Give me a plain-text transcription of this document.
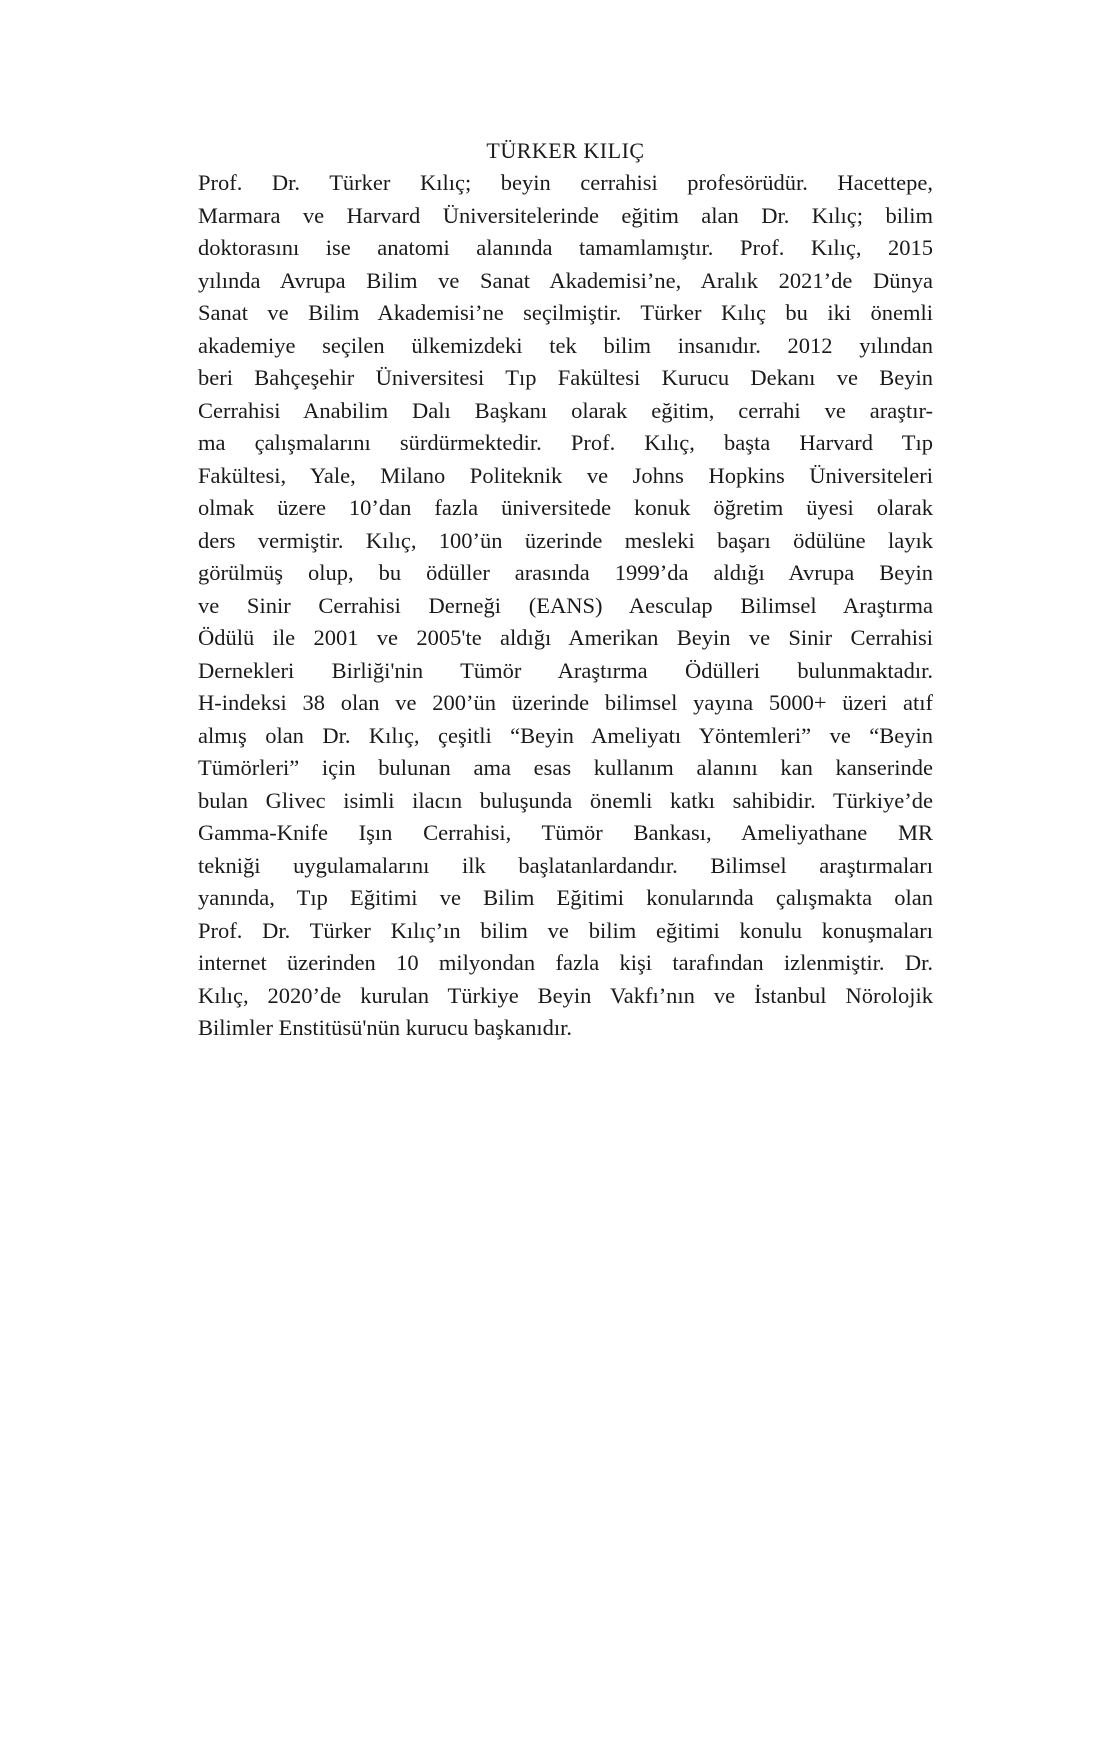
TÜRKER KILIÇ
Prof. Dr. Türker Kılıç; beyin cerrahisi profesörüdür. Hacettepe,
Marmara ve Harvard Üniversitelerinde eğitim alan Dr. Kılıç; bilim
doktorasını ise anatomi alanında tamamlamıştır. Prof. Kılıç, 2015
yılında Avrupa Bilim ve Sanat Akademisi’ne, Aralık 2021’de Dünya
Sanat ve Bilim Akademisi’ne seçilmiştir. Türker Kılıç bu iki önemli
akademiye seçilen ülkemizdeki tek bilim insanıdır. 2012 yılından
beri Bahçeşehir Üniversitesi Tıp Fakültesi Kurucu Dekanı ve Beyin
Cerrahisi Anabilim Dalı Başkanı olarak eğitim, cerrahi ve araştır-
ma çalışmalarını sürdürmektedir. Prof. Kılıç, başta Harvard Tıp
Fakültesi, Yale, Milano Politeknik ve Johns Hopkins Üniversiteleri
olmak üzere 10’dan fazla üniversitede konuk öğretim üyesi olarak
ders vermiştir. Kılıç, 100’ün üzerinde mesleki başarı ödülüne layık
görülmüş olup, bu ödüller arasında 1999’da aldığı Avrupa Beyin
ve Sinir Cerrahisi Derneği (EANS) Aesculap Bilimsel Araştırma
Ödülü ile 2001 ve 2005'te aldığı Amerikan Beyin ve Sinir Cerrahisi
Dernekleri Birliği'nin Tümör Araştırma Ödülleri bulunmaktadır.
H-indeksi 38 olan ve 200’ün üzerinde bilimsel yayına 5000+ üzeri atıf
almış olan Dr. Kılıç, çeşitli “Beyin Ameliyatı Yöntemleri” ve “Beyin
Tümörleri” için bulunan ama esas kullanım alanını kan kanserinde
bulan Glivec isimli ilacın buluşunda önemli katkı sahibidir. Türkiye’de
Gamma-Knife Işın Cerrahisi, Tümör Bankası, Ameliyathane MR
tekniği uygulamalarını ilk başlatanlardandır. Bilimsel araştırmaları
yanında, Tıp Eğitimi ve Bilim Eğitimi konularında çalışmakta olan
Prof. Dr. Türker Kılıç’ın bilim ve bilim eğitimi konulu konuşmaları
internet üzerinden 10 milyondan fazla kişi tarafından izlenmiştir. Dr.
Kılıç, 2020’de kurulan Türkiye Beyin Vakfı’nın ve İstanbul Nörolojik
Bilimler Enstitüsü'nün kurucu başkanıdır.
